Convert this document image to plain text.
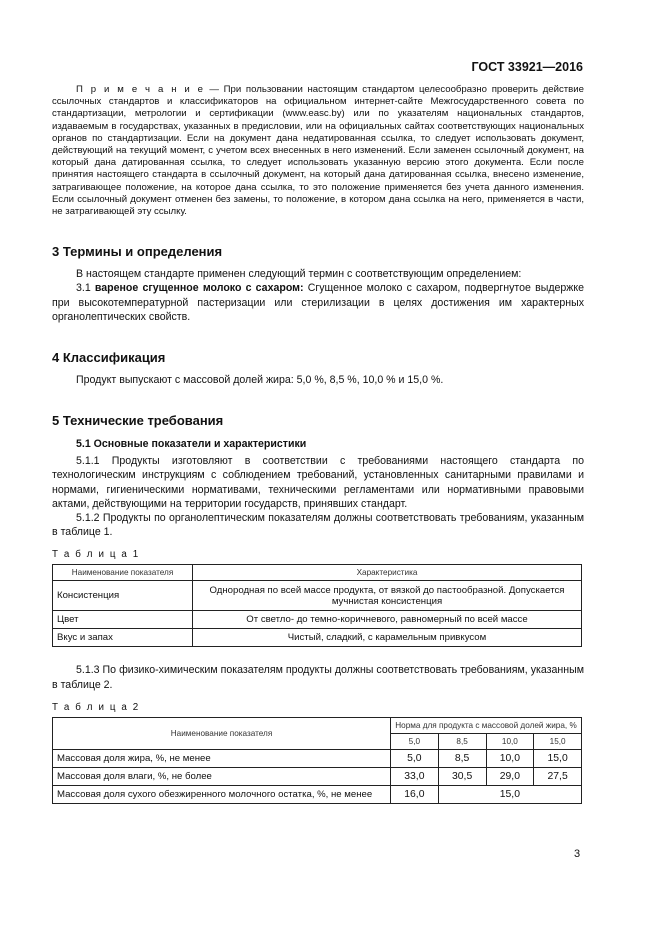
ГОСТ 33921—2016

П р и м е ч а н и е — При пользовании настоящим стандартом целесообразно проверить действие ссылочных стандартов и классификаторов на официальном интернет-сайте Межгосударственного совета по стандартизации, метрологии и сертификации (www.easc.by) или по указателям национальных стандартов, издаваемым в государствах, указанных в предисловии, или на официальных сайтах соответствующих национальных органов по стандартизации. Если на документ дана недатированная ссылка, то следует использовать документ, действующий на текущий момент, с учетом всех внесенных в него изменений. Если заменен ссылочный документ, на который дана датированная ссылка, то следует использовать указанную версию этого документа. Если после принятия настоящего стандарта в ссылочный документ, на который дана датированная ссылка, внесено изменение, затрагивающее положение, на которое дана ссылка, то это положение применяется без учета данного изменения. Если ссылочный документ отменен без замены, то положение, в котором дана ссылка на него, применяется в части, не затрагивающей эту ссылку.

3 Термины и определения

В настоящем стандарте применен следующий термин с соответствующим определением:

3.1 вареное сгущенное молоко с сахаром: Сгущенное молоко с сахаром, подвергнутое выдержке при высокотемпературной пастеризации или стерилизации в целях достижения им характерных органолептических свойств.

4 Классификация

Продукт выпускают с массовой долей жира: 5,0 %, 8,5 %, 10,0 % и 15,0 %.

5 Технические требования
5.1 Основные показатели и характеристики

5.1.1 Продукты изготовляют в соответствии с требованиями настоящего стандарта по технологическим инструкциям с соблюдением требований, установленных санитарными правилами и нормами, гигиеническими нормативами, техническими регламентами или нормативными правовыми актами, действующими на территории государств, принявших стандарт.

5.1.2 Продукты по органолептическим показателям должны соответствовать требованиям, указанным в таблице 1.

Т а б л и ц а 1
Наименование показателя	Характеристика
Консистенция	Однородная по всей массе продукта, от вязкой до пастообразной. Допускается мучнистая консистенция
Цвет	От светло- до темно-коричневого, равномерный по всей массе
Вкус и запах	Чистый, сладкий, с карамельным привкусом

5.1.3 По физико-химическим показателям продукты должны соответствовать требованиям, указанным в таблице 2.

Т а б л и ц а 2
Наименование показателя	Норма для продукта с массовой долей жира, %			
	5,0	8,5	10,0	15,0
Массовая доля жира, %, не менее	5,0	8,5	10,0	15,0
Массовая доля влаги, %, не более	33,0	30,5	29,0	27,5
Массовая доля сухого обезжиренного молочного остатка, %, не менее	16,0	15,0		
3
